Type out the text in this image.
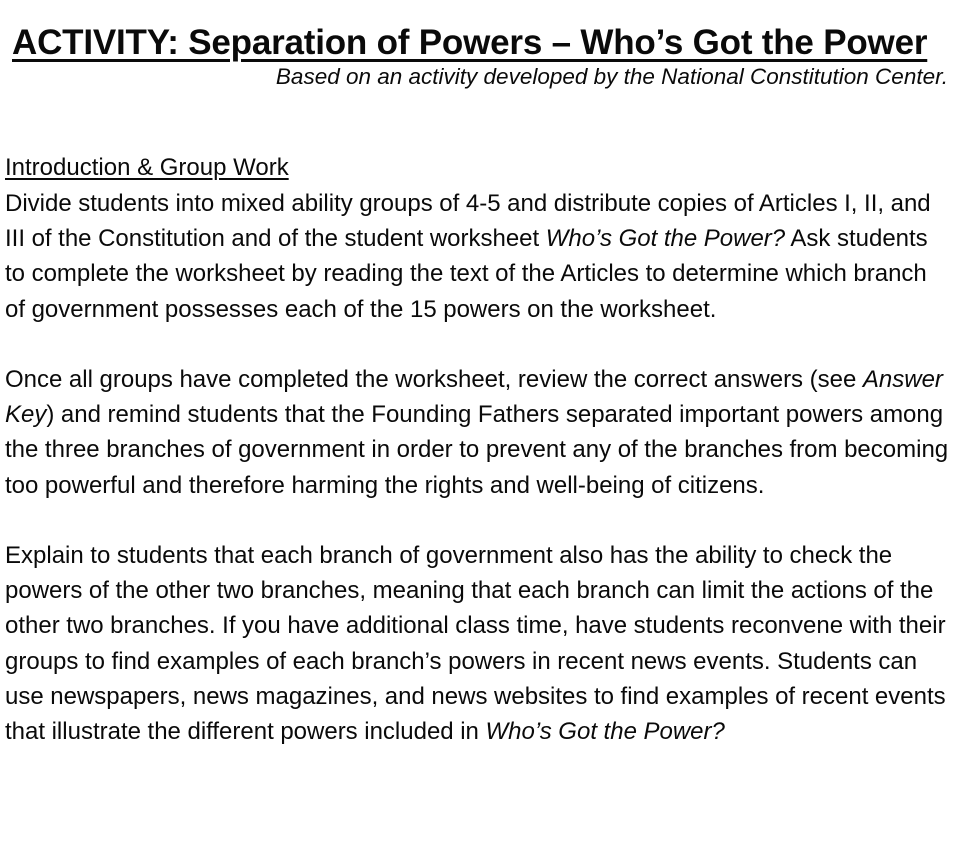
ACTIVITY: Separation of Powers – Who’s Got the Power
Based on an activity developed by the National Constitution Center.
Introduction & Group Work

Divide students into mixed ability groups of 4-5 and distribute copies of Articles I, II, and III of the Constitution and of the student worksheet Who’s Got the Power? Ask students to complete the worksheet by reading the text of the Articles to determine which branch of government possesses each of the 15 powers on the worksheet.

Once all groups have completed the worksheet, review the correct answers (see Answer Key) and remind students that the Founding Fathers separated important powers among the three branches of government in order to prevent any of the branches from becoming too powerful and therefore harming the rights and well-being of citizens.

Explain to students that each branch of government also has the ability to check the powers of the other two branches, meaning that each branch can limit the actions of the other two branches. If you have additional class time, have students reconvene with their groups to find examples of each branch’s powers in recent news events. Students can use newspapers, news magazines, and news websites to find examples of recent events that illustrate the different powers included in Who’s Got the Power?
